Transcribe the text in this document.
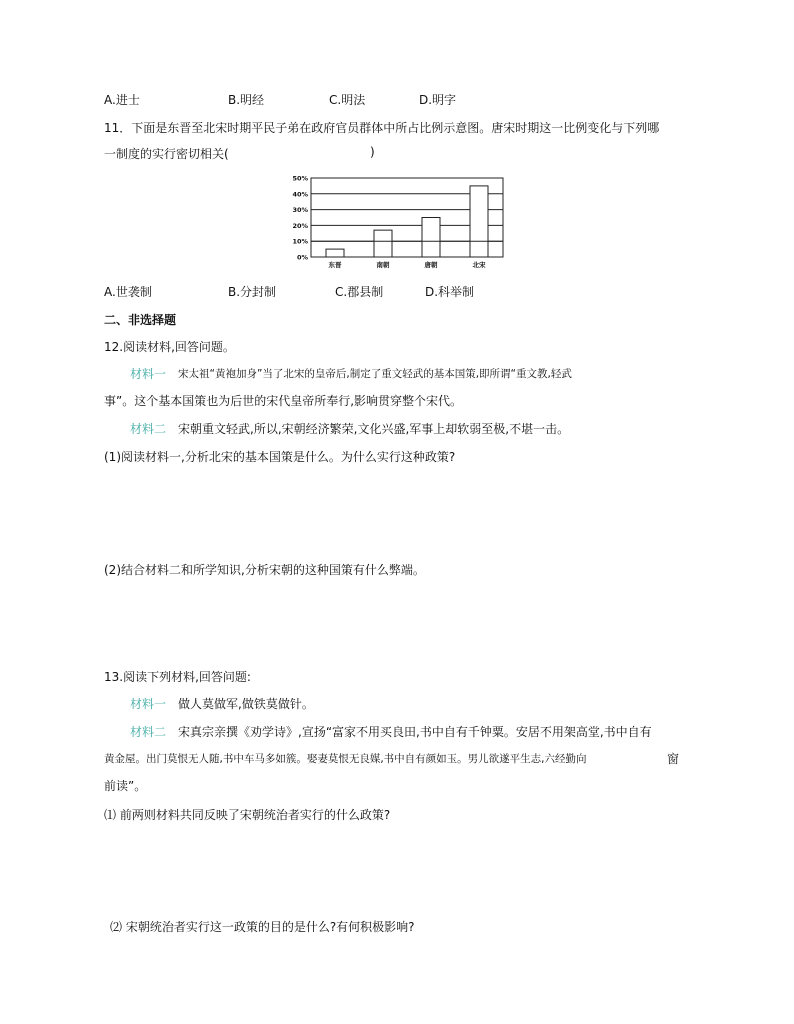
A.进士	B.明经	C.明法	D.明字
11．下面是东晋至北宋时期平民子弟在政府官员群体中所占比例示意图。唐宋时期这一比例变化与下列哪
一制度的实行密切相关(	)
0%
10%
20%
30%
40%
50%
东晋	南朝	唐朝	北宋
A.世袭制	B.分封制	C.郡县制	D.科举制
二、非选择题
12.阅读材料,回答问题。
材料一 宋太祖“黄袍加身”当了北宋的皇帝后,制定了重文轻武的基本国策,即所谓“重文教,轻武
事”。这个基本国策也为后世的宋代皇帝所奉行,影响贯穿整个宋代。
材料二 宋朝重文轻武,所以,宋朝经济繁荣,文化兴盛,军事上却软弱至极,不堪一击。
(1)阅读材料一,分析北宋的基本国策是什么。为什么实行这种政策?
(2)结合材料二和所学知识,分析宋朝的这种国策有什么弊端。
13.阅读下列材料,回答问题:
材料一 做人莫做军,做铁莫做针。
材料二 宋真宗亲撰《劝学诗》,宣扬“富家不用买良田,书中自有千钟粟。安居不用架高堂,书中自有
黄金屋。出门莫恨无人随,书中车马多如簇。娶妻莫恨无良媒,书中自有颜如玉。男儿欲遂平生志,六经勤向	窗
前读”。
⑴ 前两则材料共同反映了宋朝统治者实行的什么政策?
⑵ 宋朝统治者实行这一政策的目的是什么?有何积极影响?
